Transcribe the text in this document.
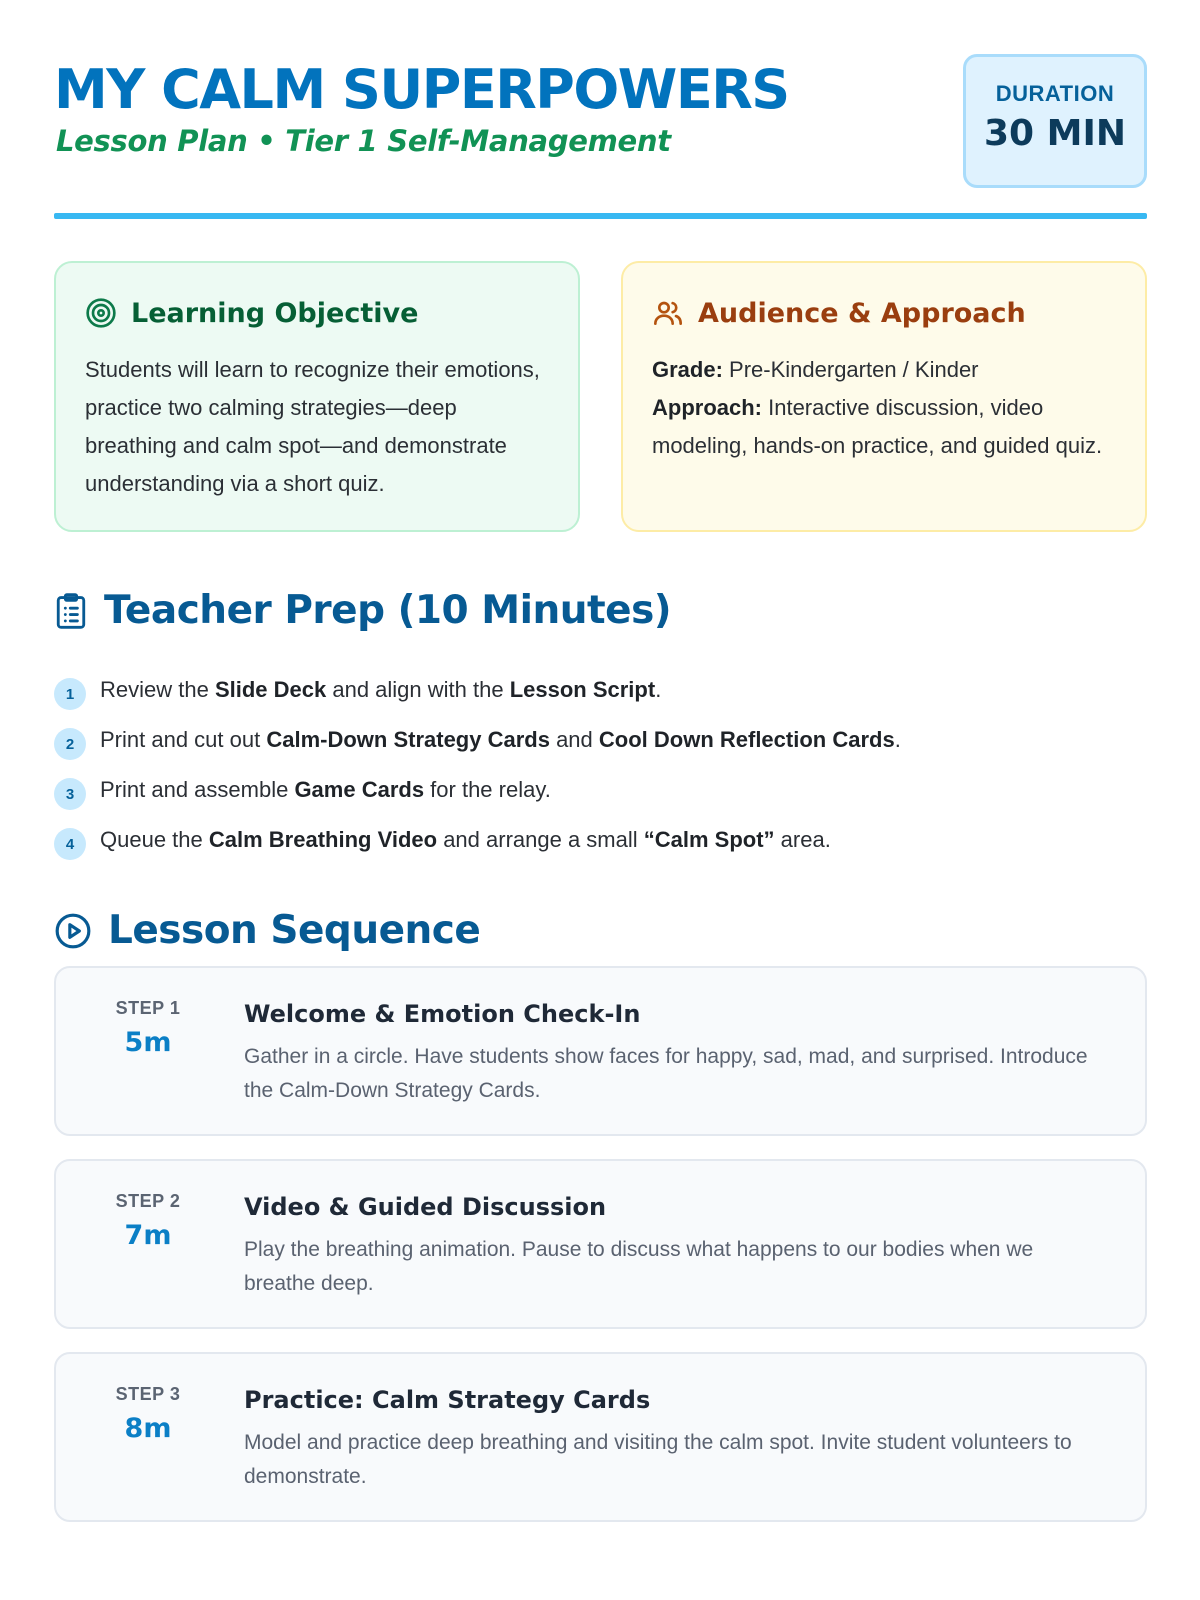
MY CALM SUPERPOWERS
Lesson Plan • Tier 1 Self-Management
DURATION
30 MIN
Learning Objective

Students will learn to recognize their emotions, practice two calming strategies—deep breathing and calm spot—and demonstrate understanding via a short quiz.

Audience & Approach

Grade: Pre-Kindergarten / Kinder
Approach: Interactive discussion, video modeling, hands-on practice, and guided quiz.

Teacher Prep (10 Minutes)
1	Review the Slide Deck and align with the Lesson Script.
2	Print and cut out Calm-Down Strategy Cards and Cool Down Reflection Cards.
3	Print and assemble Game Cards for the relay.
4	Queue the Calm Breathing Video and arrange a small “Calm Spot” area.
Lesson Sequence
STEP 1
5m
Welcome & Emotion Check-In
Gather in a circle. Have students show faces for happy, sad, mad, and surprised. Introduce the Calm-Down Strategy Cards.
STEP 2
7m
Video & Guided Discussion
Play the breathing animation. Pause to discuss what happens to our bodies when we breathe deep.
STEP 3
8m
Practice: Calm Strategy Cards
Model and practice deep breathing and visiting the calm spot. Invite student volunteers to demonstrate.
